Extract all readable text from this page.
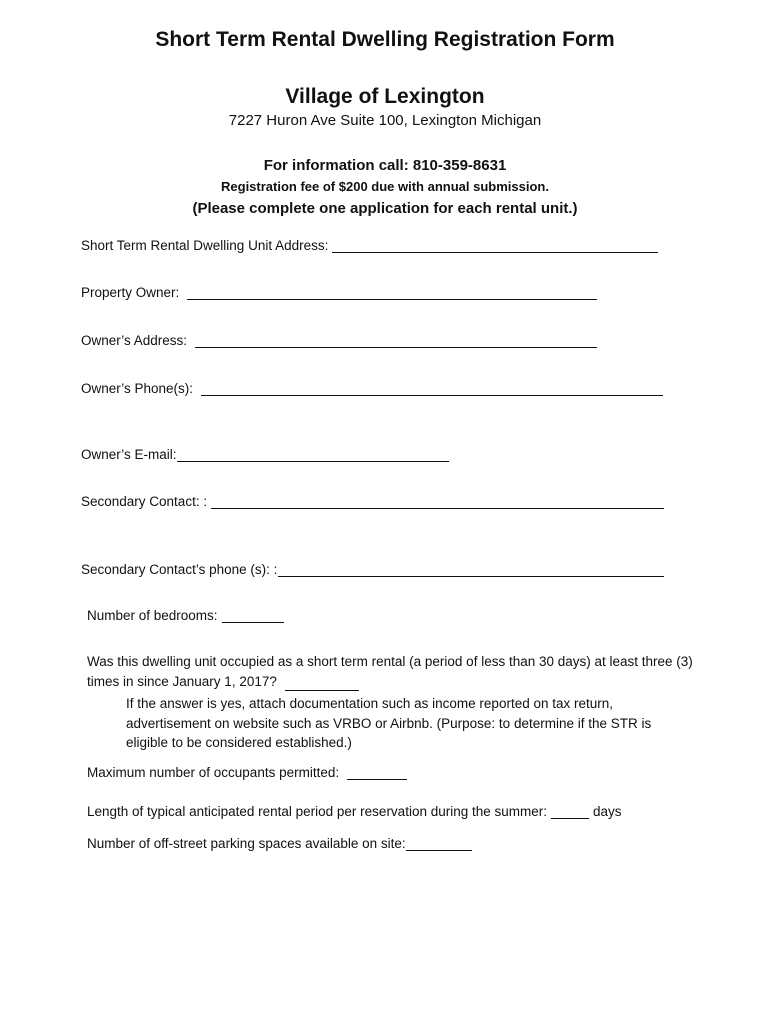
Short Term Rental Dwelling Registration Form
Village of Lexington
7227 Huron Ave Suite 100, Lexington Michigan
For information call: 810-359-8631
Registration fee of $200 due with annual submission.
(Please complete one application for each rental unit.)
Short Term Rental Dwelling Unit Address:
Property Owner:
Owner’s Address:
Owner’s Phone(s):
Owner’s E-mail:
Secondary Contact: :
Secondary Contact’s phone (s): :
Number of bedrooms:
Was this dwelling unit occupied as a short term rental (a period of less than 30 days) at least three (3)
times in since January 1, 2017?
If the answer is yes, attach documentation such as income reported on tax return,
advertisement on website such as VRBO or Airbnb. (Purpose: to determine if the STR is
eligible to be considered established.)
Maximum number of occupants permitted:
Length of typical anticipated rental period per reservation during the summer:	days
Number of off-street parking spaces available on site:
